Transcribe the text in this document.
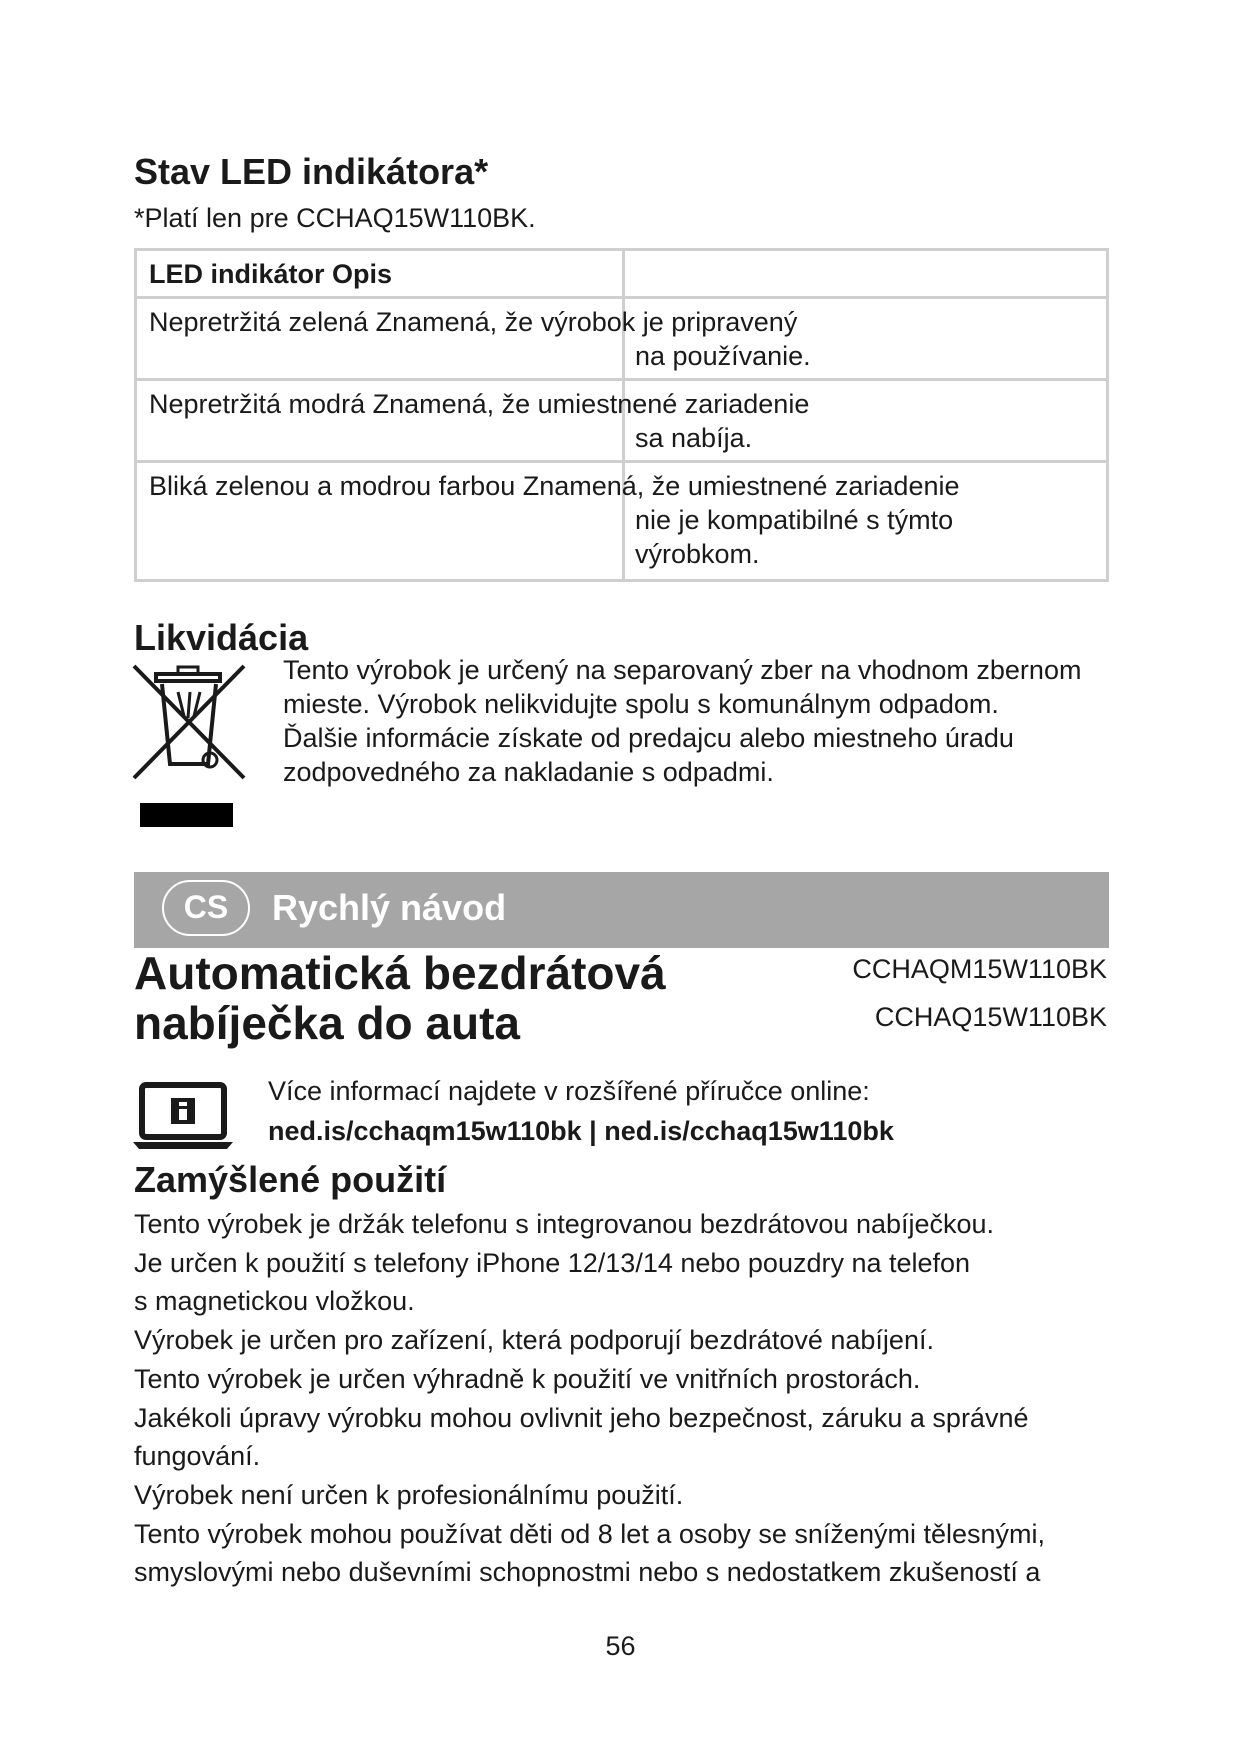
Stav LED indikátora*
*Platí len pre CCHAQ15W110BK.
LED indikátor Opis
Nepretržitá zelená Znamená, že výrobok je pripravený
na používanie.
Nepretržitá modrá Znamená, že umiestnené zariadenie
sa nabíja.
Bliká zelenou a modrou farbou Znamená, že umiestnené zariadenie
nie je kompatibilné s týmto
výrobkom.
Likvidácia
Tento výrobok je určený na separovaný zber na vhodnom zbernom
mieste. Výrobok nelikvidujte spolu s komunálnym odpadom.
Ďalšie informácie získate od predajcu alebo miestneho úradu
zodpovedného za nakladanie s odpadmi.
CS	Rychlý návod
Automatická bezdrátová
nabíječka do auta
CCHAQM15W110BK
CCHAQ15W110BK
Více informací najdete v rozšířené příručce online:
ned.is/cchaqm15w110bk | ned.is/cchaq15w110bk
Zamýšlené použití
Tento výrobek je držák telefonu s integrovanou bezdrátovou nabíječkou.
Je určen k použití s telefony iPhone 12/13/14 nebo pouzdry na telefon
s magnetickou vložkou.
Výrobek je určen pro zařízení, která podporují bezdrátové nabíjení.
Tento výrobek je určen výhradně k použití ve vnitřních prostorách.
Jakékoli úpravy výrobku mohou ovlivnit jeho bezpečnost, záruku a správné
fungování.
Výrobek není určen k profesionálnímu použití.
Tento výrobek mohou používat děti od 8 let a osoby se sníženými tělesnými,
smyslovými nebo duševními schopnostmi nebo s nedostatkem zkušeností a
56
